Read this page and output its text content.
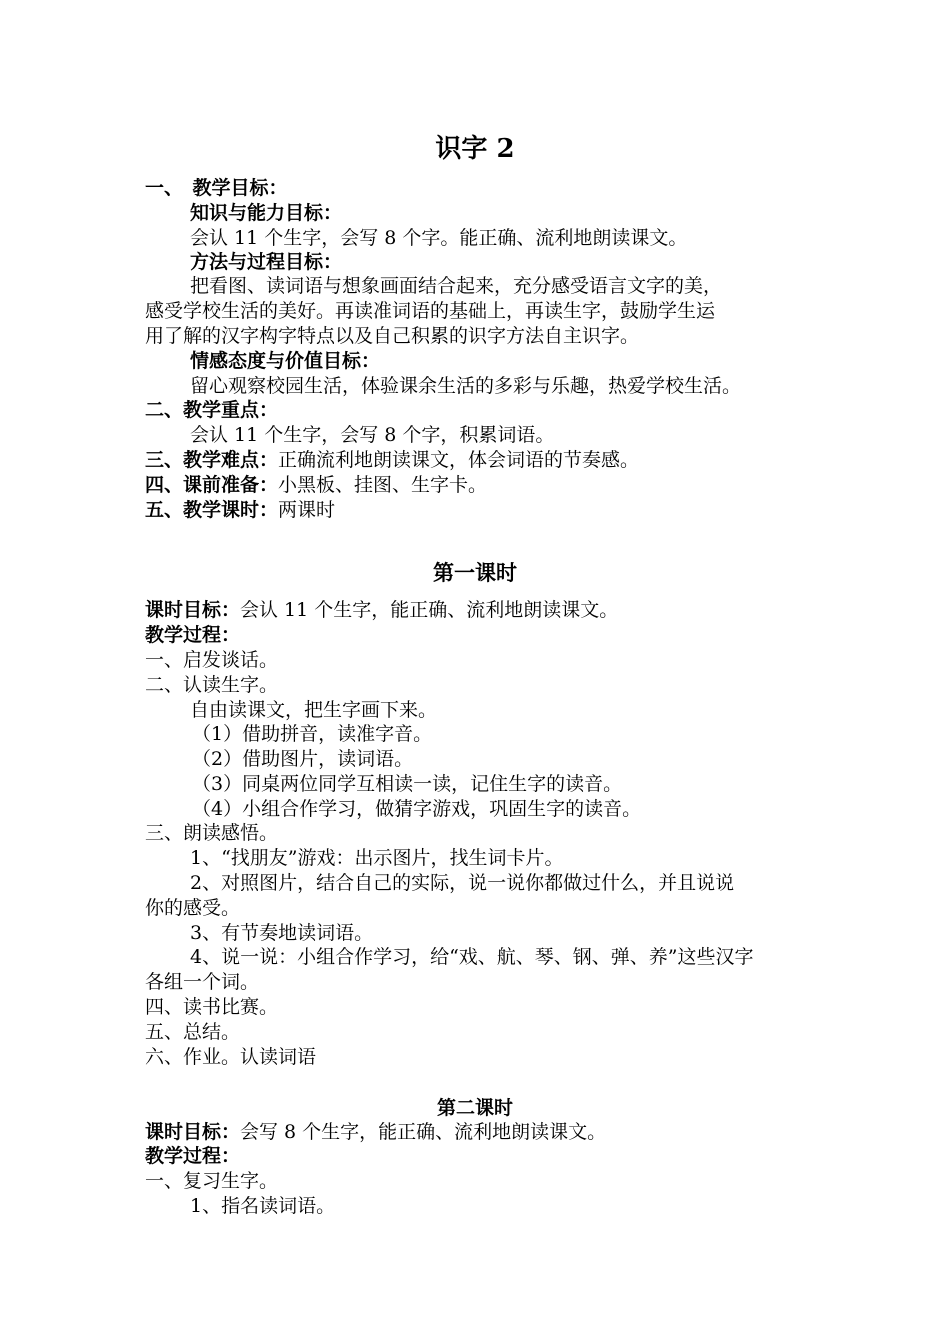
识字 2
一、　教学目标：
知识与能力目标：
会认 11 个生字，会写 8 个字。能正确、流利地朗读课文。
方法与过程目标：
把看图、读词语与想象画面结合起来，充分感受语言文字的美，
感受学校生活的美好。再读准词语的基础上，再读生字，鼓励学生运
用了解的汉字构字特点以及自己积累的识字方法自主识字。
情感态度与价值目标：
留心观察校园生活，体验课余生活的多彩与乐趣，热爱学校生活。
二、教学重点：
会认 11 个生字，会写 8 个字，积累词语。
三、教学难点：正确流利地朗读课文，体会词语的节奏感。
四、课前准备：小黑板、挂图、生字卡。
五、教学课时：两课时
第一课时
课时目标：会认 11 个生字，能正确、流利地朗读课文。
教学过程：
一、启发谈话。
二、认读生字。
自由读课文，把生字画下来。
（1）借助拼音，读准字音。
（2）借助图片，读词语。
（3）同桌两位同学互相读一读，记住生字的读音。
（4）小组合作学习，做猜字游戏，巩固生字的读音。
三、朗读感悟。
1、“找朋友”游戏：出示图片，找生词卡片。
2、对照图片，结合自己的实际，说一说你都做过什么，并且说说
你的感受。
3、有节奏地读词语。
4、说一说：小组合作学习，给“戏、航、琴、钢、弹、养”这些汉字
各组一个词。
四、读书比赛。
五、总结。
六、作业。认读词语
第二课时
课时目标：会写 8 个生字，能正确、流利地朗读课文。
教学过程：
一、复习生字。
1、指名读词语。
